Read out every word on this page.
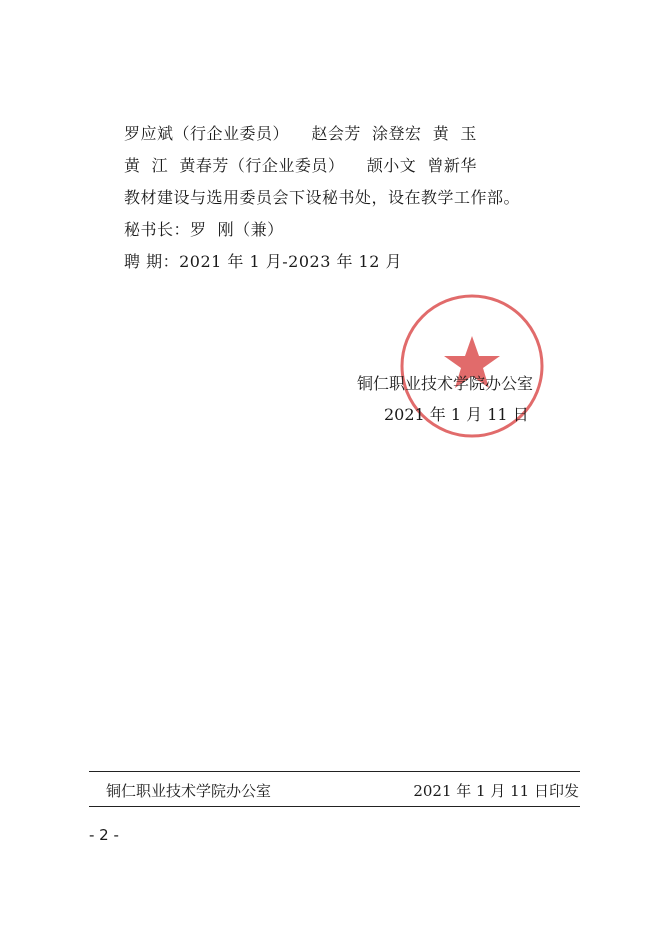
罗应斌（行企业委员）    赵会芳  涂登宏  黄  玉
黄  江  黄春芳（行企业委员）    颉小文  曾新华
教材建设与选用委员会下设秘书处，设在教学工作部。
秘书长：罗  刚（兼）
聘 期：2021 年 1 月-2023 年 12 月
铜仁职业技术学院办公室
2021 年 1 月 11 日
铜仁职业技术学院办公室	2021 年 1 月 11 日印发
- 2 -
